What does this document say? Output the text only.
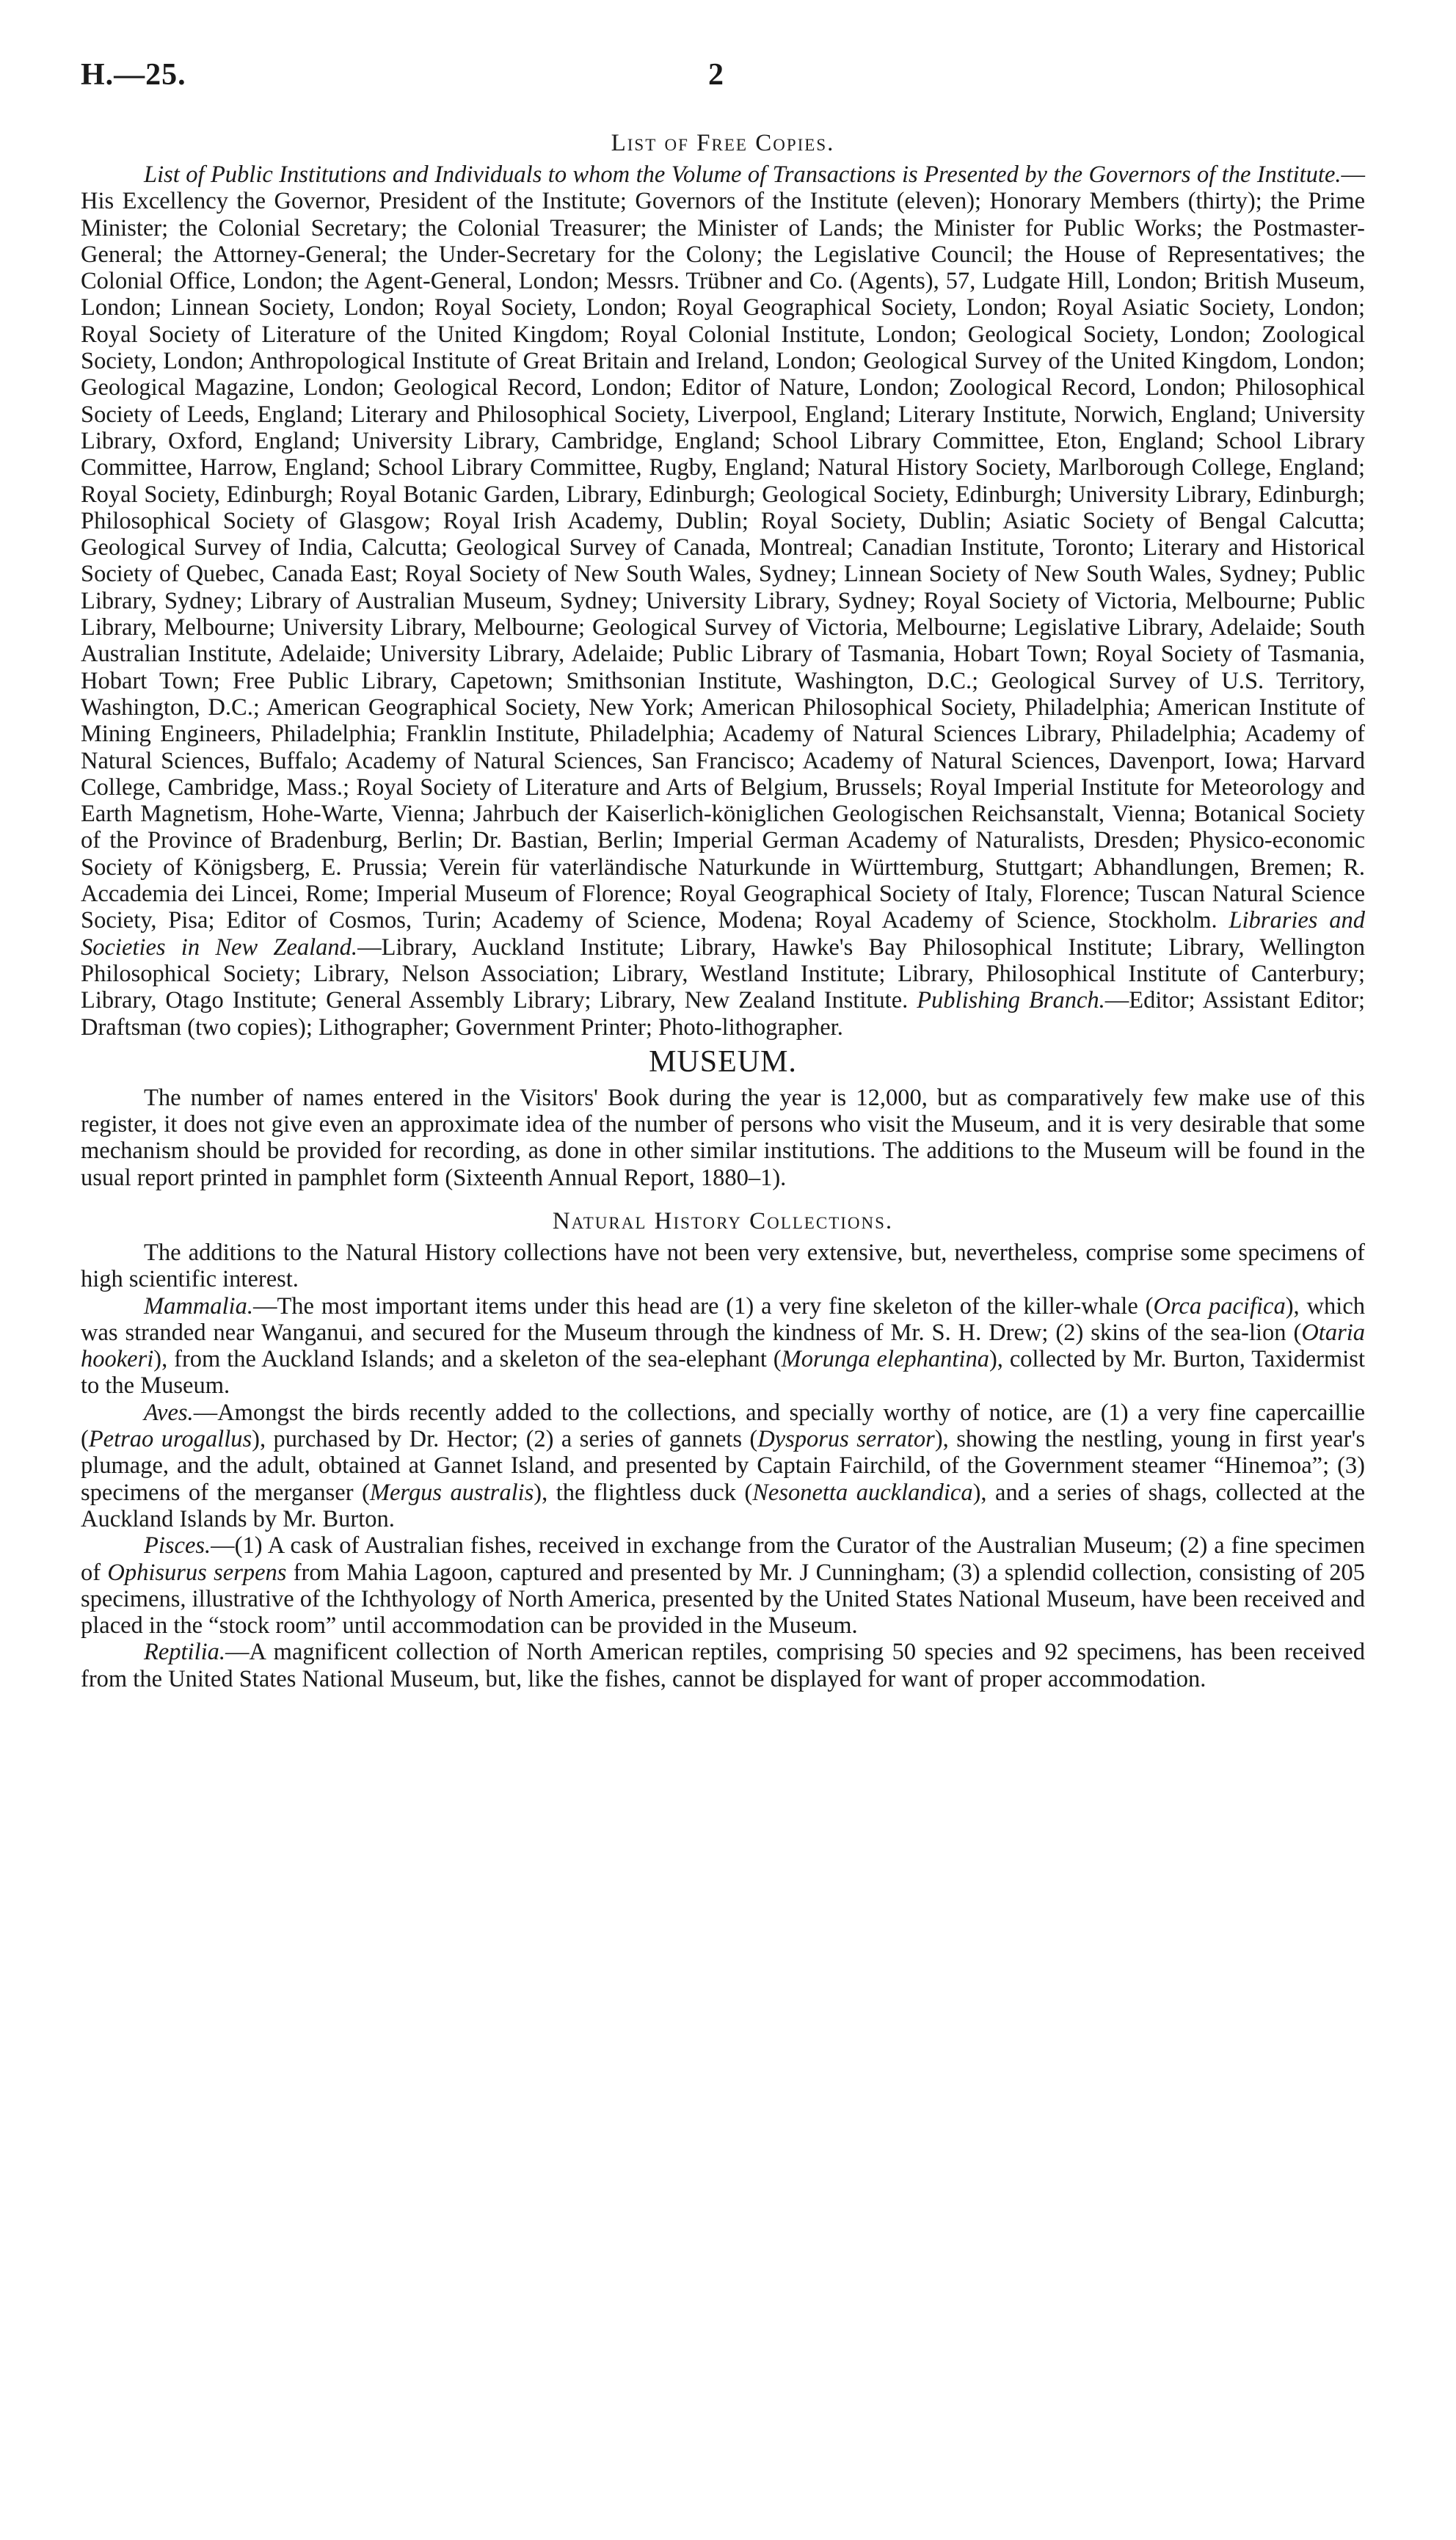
H.—25.	2
List of Free Copies.

List of Public Institutions and Individuals to whom the Volume of Transactions is Presented by the Governors of the Institute.—His Excellency the Governor, President of the Institute; Governors of the Institute (eleven); Honorary Members (thirty); the Prime Minister; the Colonial Secretary; the Colonial Treasurer; the Minister of Lands; the Minister for Public Works; the Postmaster-General; the Attorney-General; the Under-Secretary for the Colony; the Legislative Council; the House of Representatives; the Colonial Office, London; the Agent-General, London; Messrs. Trübner and Co. (Agents), 57, Ludgate Hill, London; British Museum, London; Linnean Society, London; Royal Society, London; Royal Geographical Society, London; Royal Asiatic Society, London; Royal Society of Literature of the United Kingdom; Royal Colonial Institute, London; Geological Society, London; Zoological Society, London; Anthropological Institute of Great Britain and Ireland, London; Geological Survey of the United Kingdom, London; Geological Magazine, London; Geological Record, London; Editor of Nature, London; Zoological Record, London; Philosophical Society of Leeds, England; Literary and Philosophical Society, Liverpool, England; Literary Institute, Norwich, England; University Library, Oxford, England; University Library, Cambridge, England; School Library Committee, Eton, England; School Library Committee, Harrow, England; School Library Committee, Rugby, England; Natural History Society, Marlborough College, England; Royal Society, Edinburgh; Royal Botanic Garden, Library, Edinburgh; Geological Society, Edinburgh; University Library, Edinburgh; Philosophical Society of Glasgow; Royal Irish Academy, Dublin; Royal Society, Dublin; Asiatic Society of Bengal Calcutta; Geological Survey of India, Calcutta; Geological Survey of Canada, Montreal; Canadian Institute, Toronto; Literary and Historical Society of Quebec, Canada East; Royal Society of New South Wales, Sydney; Linnean Society of New South Wales, Sydney; Public Library, Sydney; Library of Australian Museum, Sydney; University Library, Sydney; Royal Society of Victoria, Melbourne; Public Library, Melbourne; University Library, Melbourne; Geological Survey of Victoria, Melbourne; Legislative Library, Adelaide; South Australian Institute, Adelaide; University Library, Adelaide; Public Library of Tasmania, Hobart Town; Royal Society of Tasmania, Hobart Town; Free Public Library, Capetown; Smithsonian Institute, Washington, D.C.; Geological Survey of U.S. Territory, Washington, D.C.; American Geographical Society, New York; American Philosophical Society, Philadelphia; American Institute of Mining Engineers, Philadelphia; Franklin Institute, Philadelphia; Academy of Natural Sciences Library, Philadelphia; Academy of Natural Sciences, Buffalo; Academy of Natural Sciences, San Francisco; Academy of Natural Sciences, Davenport, Iowa; Harvard College, Cambridge, Mass.; Royal Society of Literature and Arts of Belgium, Brussels; Royal Imperial Institute for Meteorology and Earth Magnetism, Hohe-Warte, Vienna; Jahrbuch der Kaiserlich-königlichen Geologischen Reichsanstalt, Vienna; Botanical Society of the Province of Bradenburg, Berlin; Dr. Bastian, Berlin; Imperial German Academy of Naturalists, Dresden; Physico-economic Society of Königsberg, E. Prussia; Verein für vaterländische Naturkunde in Württemburg, Stuttgart; Abhandlungen, Bremen; R. Accademia dei Lincei, Rome; Imperial Museum of Florence; Royal Geographical Society of Italy, Florence; Tuscan Natural Science Society, Pisa; Editor of Cosmos, Turin; Academy of Science, Modena; Royal Academy of Science, Stockholm. Libraries and Societies in New Zealand.—Library, Auckland Institute; Library, Hawke's Bay Philosophical Institute; Library, Wellington Philosophical Society; Library, Nelson Association; Library, Westland Institute; Library, Philosophical Institute of Canterbury; Library, Otago Institute; General Assembly Library; Library, New Zealand Institute. Publishing Branch.—Editor; Assistant Editor; Draftsman (two copies); Lithographer; Government Printer; Photo-lithographer.

MUSEUM.

The number of names entered in the Visitors' Book during the year is 12,000, but as comparatively few make use of this register, it does not give even an approximate idea of the number of persons who visit the Museum, and it is very desirable that some mechanism should be provided for recording, as done in other similar institutions. The additions to the Museum will be found in the usual report printed in pamphlet form (Sixteenth Annual Report, 1880–1).

Natural History Collections.

The additions to the Natural History collections have not been very extensive, but, nevertheless, comprise some specimens of high scientific interest.

Mammalia.—The most important items under this head are (1) a very fine skeleton of the killer-whale (Orca pacifica), which was stranded near Wanganui, and secured for the Museum through the kindness of Mr. S. H. Drew; (2) skins of the sea-lion (Otaria hookeri), from the Auckland Islands; and a skeleton of the sea-elephant (Morunga elephantina), collected by Mr. Burton, Taxidermist to the Museum.

Aves.—Amongst the birds recently added to the collections, and specially worthy of notice, are (1) a very fine capercaillie (Petrao urogallus), purchased by Dr. Hector; (2) a series of gannets (Dysporus serrator), showing the nestling, young in first year's plumage, and the adult, obtained at Gannet Island, and presented by Captain Fairchild, of the Government steamer “Hinemoa”; (3) specimens of the merganser (Mergus australis), the flightless duck (Nesonetta aucklandica), and a series of shags, collected at the Auckland Islands by Mr. Burton.

Pisces.—(1) A cask of Australian fishes, received in exchange from the Curator of the Australian Museum; (2) a fine specimen of Ophisurus serpens from Mahia Lagoon, captured and presented by Mr. J Cunningham; (3) a splendid collection, consisting of 205 specimens, illustrative of the Ichthyology of North America, presented by the United States National Museum, have been received and placed in the “stock room” until accommodation can be provided in the Museum.

Reptilia.—A magnificent collection of North American reptiles, comprising 50 species and 92 specimens, has been received from the United States National Museum, but, like the fishes, cannot be displayed for want of proper accommodation.
